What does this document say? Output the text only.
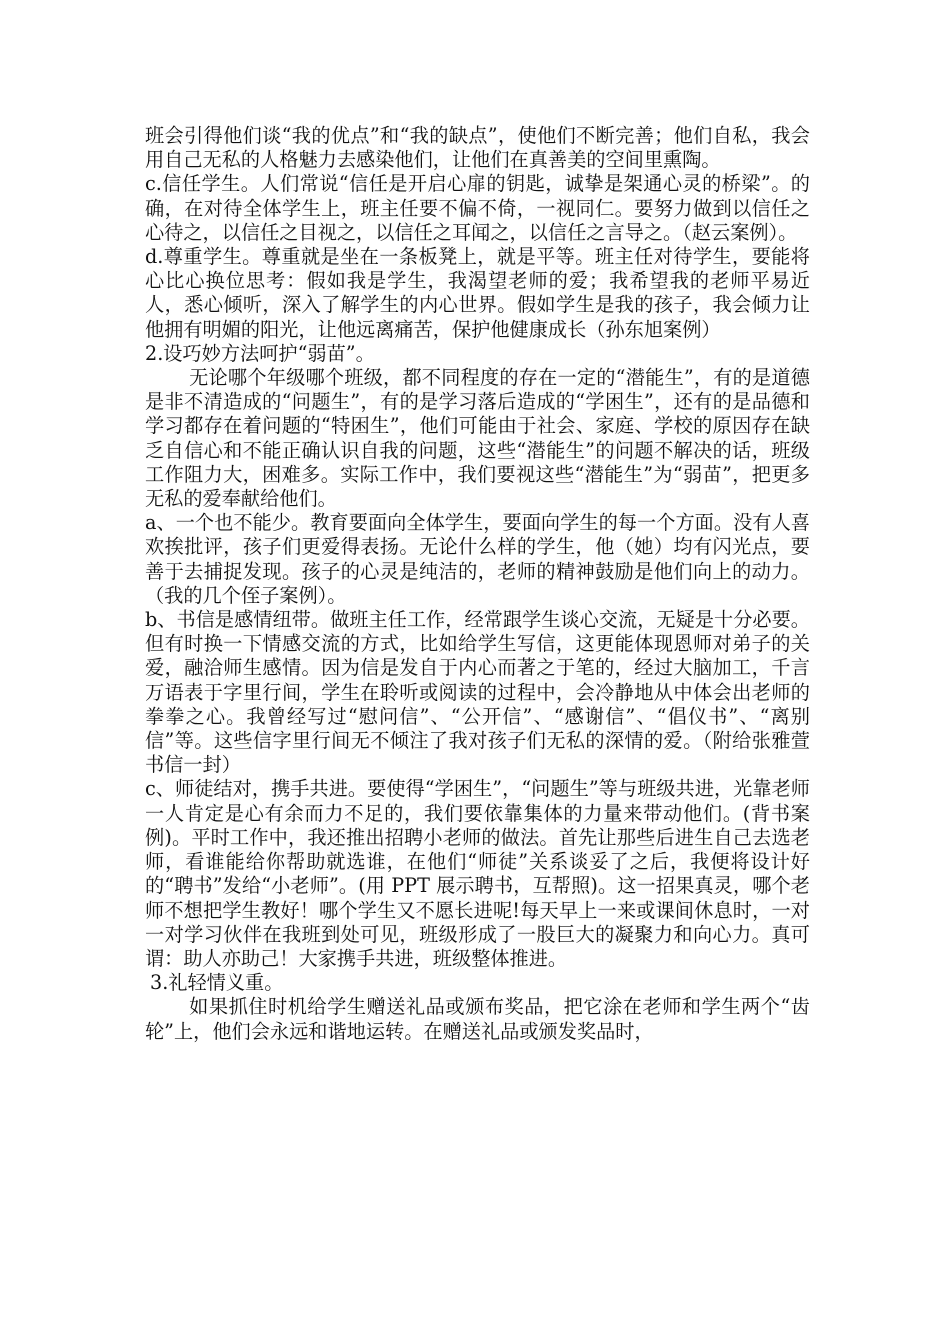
班会引得他们谈“我的优点”和“我的缺点”，使他们不断完善；他们自私，我会用自己无私的人格魅力去感染他们，让他们在真善美的空间里熏陶。

c.信任学生。人们常说“信任是开启心扉的钥匙，诚挚是架通心灵的桥梁”。的确，在对待全体学生上，班主任要不偏不倚，一视同仁。要努力做到以信任之心待之，以信任之目视之，以信任之耳闻之，以信任之言导之。（赵云案例）。

d.尊重学生。尊重就是坐在一条板凳上，就是平等。班主任对待学生，要能将心比心换位思考：假如我是学生，我渴望老师的爱；我希望我的老师平易近人，悉心倾听，深入了解学生的内心世界。假如学生是我的孩子，我会倾力让他拥有明媚的阳光，让他远离痛苦，保护他健康成长（孙东旭案例）

2.设巧妙方法呵护“弱苗”。

无论哪个年级哪个班级，都不同程度的存在一定的“潜能生”，有的是道德是非不清造成的“问题生”，有的是学习落后造成的“学困生”，还有的是品德和学习都存在着问题的“特困生”，他们可能由于社会、家庭、学校的原因存在缺乏自信心和不能正确认识自我的问题，这些“潜能生”的问题不解决的话，班级工作阻力大，困难多。实际工作中，我们要视这些“潜能生”为“弱苗”，把更多无私的爱奉献给他们。

a、一个也不能少。教育要面向全体学生，要面向学生的每一个方面。没有人喜欢挨批评，孩子们更爱得表扬。无论什么样的学生，他（她）均有闪光点，要善于去捕捉发现。孩子的心灵是纯洁的，老师的精神鼓励是他们向上的动力。（我的几个侄子案例）。

b、书信是感情纽带。做班主任工作，经常跟学生谈心交流，无疑是十分必要。但有时换一下情感交流的方式，比如给学生写信，这更能体现恩师对弟子的关爱，融洽师生感情。因为信是发自于内心而著之于笔的，经过大脑加工，千言万语表于字里行间，学生在聆听或阅读的过程中，会冷静地从中体会出老师的拳拳之心。我曾经写过“慰问信”、“公开信”、“感谢信”、“倡仪书”、“离别信”等。这些信字里行间无不倾注了我对孩子们无私的深情的爱。（附给张雅萱书信一封）

c、师徒结对，携手共进。要使得“学困生”，“问题生”等与班级共进，光靠老师一人肯定是心有余而力不足的，我们要依靠集体的力量来带动他们。(背书案例)。平时工作中，我还推出招聘小老师的做法。首先让那些后进生自己去选老师，看谁能给你帮助就选谁，在他们“师徒”关系谈妥了之后，我便将设计好的“聘书”发给“小老师”。(用 PPT 展示聘书，互帮照)。这一招果真灵，哪个老师不想把学生教好！哪个学生又不愿长进呢!每天早上一来或课间休息时，一对一对学习伙伴在我班到处可见，班级形成了一股巨大的凝聚力和向心力。真可谓：助人亦助己！大家携手共进，班级整体推进。

3.礼轻情义重。

如果抓住时机给学生赠送礼品或颁布奖品，把它涂在老师和学生两个“齿轮”上，他们会永远和谐地运转。在赠送礼品或颁发奖品时，
